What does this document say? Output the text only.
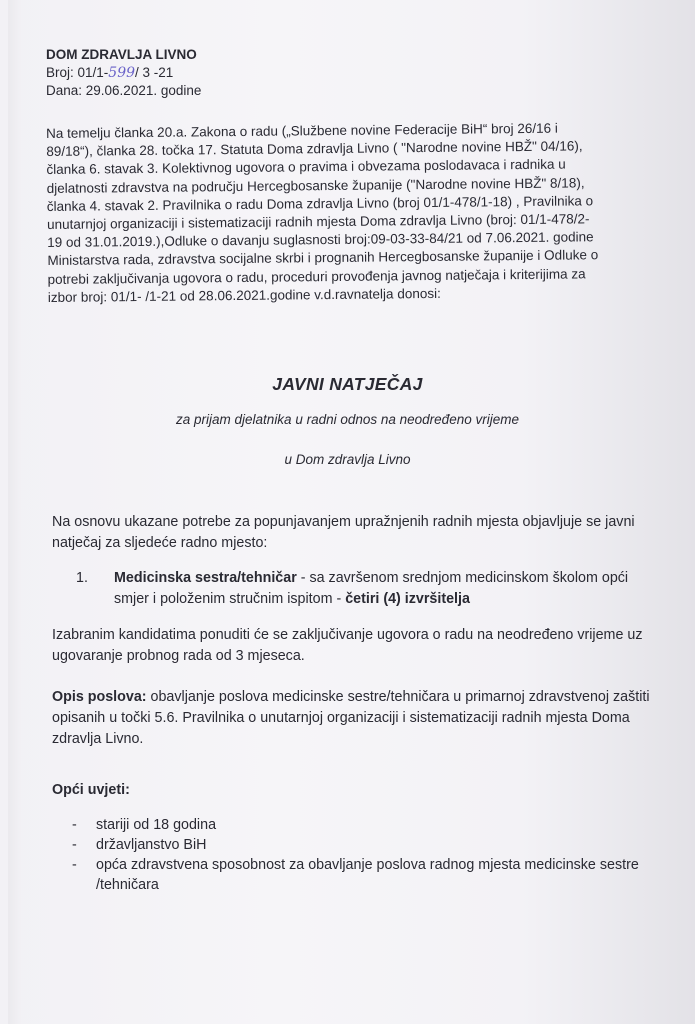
DOM ZDRAVLJA LIVNO
Broj: 01/1-599/ 3 -21
Dana: 29.06.2021. godine
Na temelju članka 20.a. Zakona o radu („Službene novine Federacije BiH“ broj 26/16 i
89/18“), članka 28. točka 17. Statuta Doma zdravlja Livno ( "Narodne novine HBŽ" 04/16),
članka 6. stavak 3. Kolektivnog ugovora o pravima i obvezama poslodavaca i radnika u
djelatnosti zdravstva na području Hercegbosanske županije ("Narodne novine HBŽ" 8/18),
članka 4. stavak 2. Pravilnika o radu Doma zdravlja Livno (broj 01/1-478/1-18) , Pravilnika o
unutarnjoj organizaciji i sistematizaciji radnih mjesta Doma zdravlja Livno (broj: 01/1-478/2-
19 od 31.01.2019.),Odluke o davanju suglasnosti broj:09-03-33-84/21 od 7.06.2021. godine
Ministarstva rada, zdravstva socijalne skrbi i prognanih Hercegbosanske županije i Odluke o
potrebi zaključivanja ugovora o radu, proceduri provođenja javnog natječaja i kriterijima za
izbor broj: 01/1- /1-21 od 28.06.2021.godine v.d.ravnatelja donosi:
JAVNI NATJEČAJ
za prijam djelatnika u radni odnos na neodređeno vrijeme
u Dom zdravlja Livno
Na osnovu ukazane potrebe za popunjavanjem upražnjenih radnih mjesta objavljuje se javni natječaj za sljedeće radno mjesto:
1. Medicinska sestra/tehničar - sa završenom srednjom medicinskom školom opći smjer i položenim stručnim ispitom - četiri (4) izvršitelja
Izabranim kandidatima ponuditi će se zaključivanje ugovora o radu na neodređeno vrijeme uz ugovaranje probnog rada od 3 mjeseca.
Opis poslova: obavljanje poslova medicinske sestre/tehničara u primarnoj zdravstvenoj zaštiti opisanih u točki 5.6. Pravilnika o unutarnjoj organizaciji i sistematizaciji radnih mjesta Doma zdravlja Livno.
Opći uvjeti:
- stariji od 18 godina
- državljanstvo BiH
- opća zdravstvena sposobnost za obavljanje poslova radnog mjesta medicinske sestre /tehničara
